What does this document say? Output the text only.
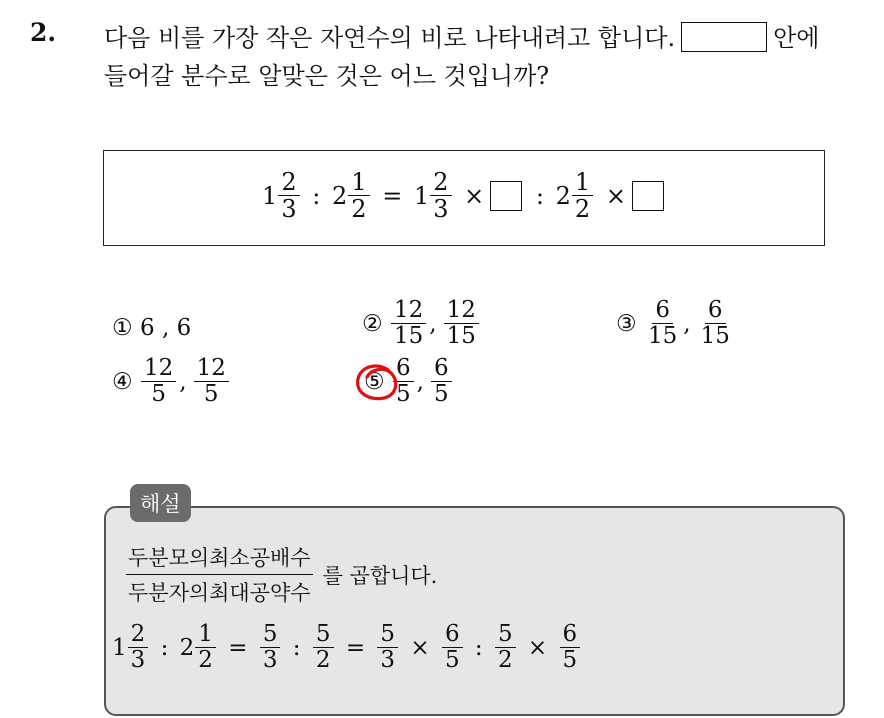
2. 다음 비를 가장 작은 자연수의 비로 나타내려고 합니다.	안에
들어갈 분수로 알맞은 것은 어느 것입니까?
$1 \frac{2}{3}$ : $2 \frac{1}{2} = 1 \frac{2}{3}$ × : $2 \frac{1}{2}$ ×
① 6 , 6	② $\frac{12}{15}$ , $\frac{12}{15}$	③ $\frac{6}{15}$ , $\frac{6}{15}$
④ $\frac{12}{5}$ , $\frac{12}{5}$	⑤ $\frac{6}{5}$ , $\frac{6}{5}$
해설
두분모의최소공배수
두분자의최대공약수
를 곱합니다.
$1 \frac{2}{3}$ : $2 \frac{1}{2} = \frac{5}{3}$ : $\frac{5}{2} = \frac{5}{3} \times \frac{6}{5}$ : $\frac{5}{2} \times \frac{6}{5}$
